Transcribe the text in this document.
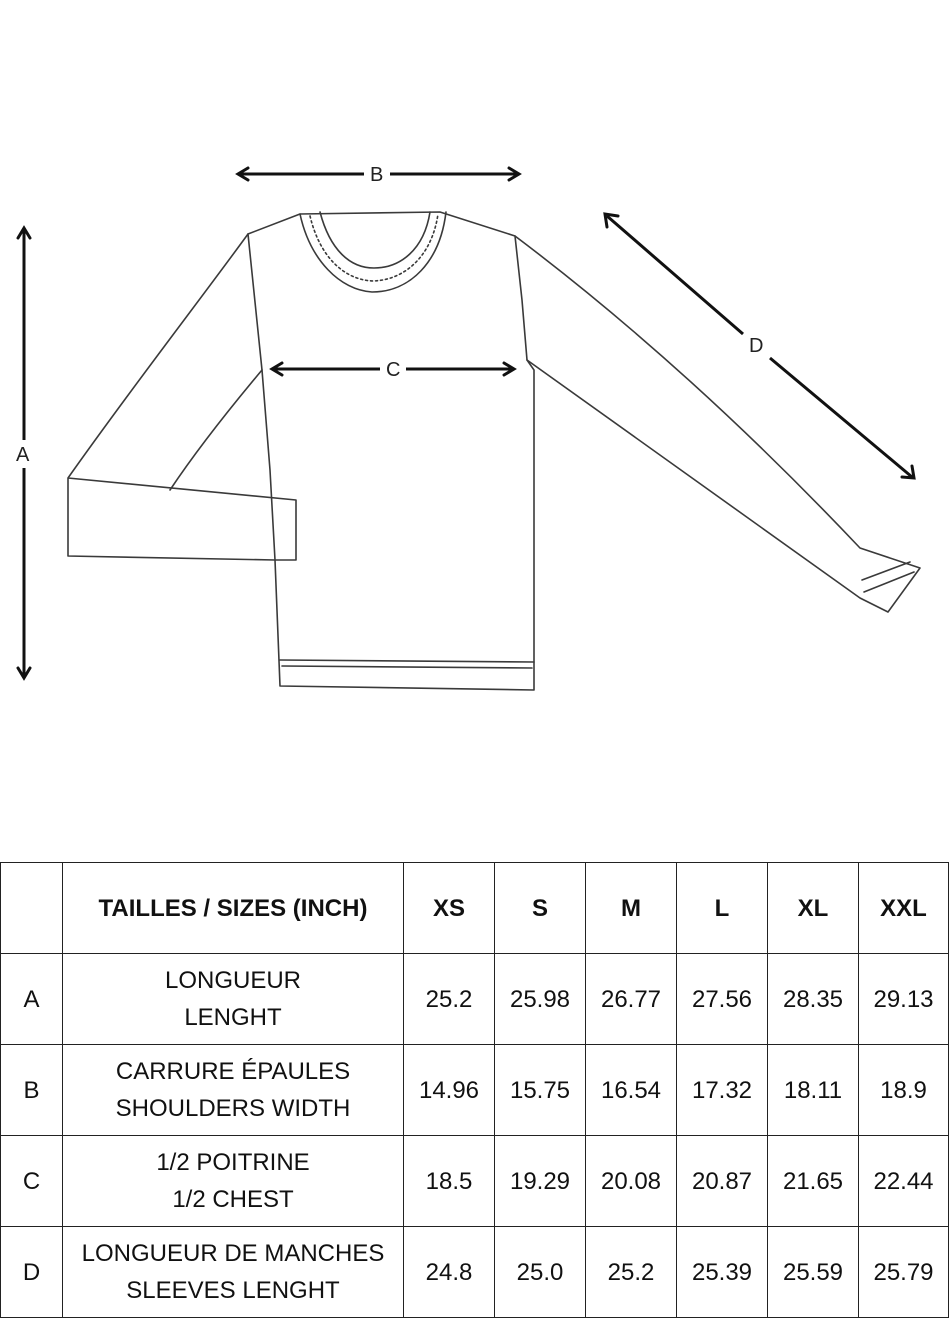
A
B
C
D
	TAILLES / SIZES (INCH)	XS	S	M	L	XL	XXL
A	LONGUEUR
LENGHT	25.2	25.98	26.77	27.56	28.35	29.13
B	CARRURE ÉPAULES
SHOULDERS WIDTH	14.96	15.75	16.54	17.32	18.11	18.9
C	1/2 POITRINE
1/2 CHEST	18.5	19.29	20.08	20.87	21.65	22.44
D	LONGUEUR DE MANCHES
SLEEVES LENGHT	24.8	25.0	25.2	25.39	25.59	25.79
